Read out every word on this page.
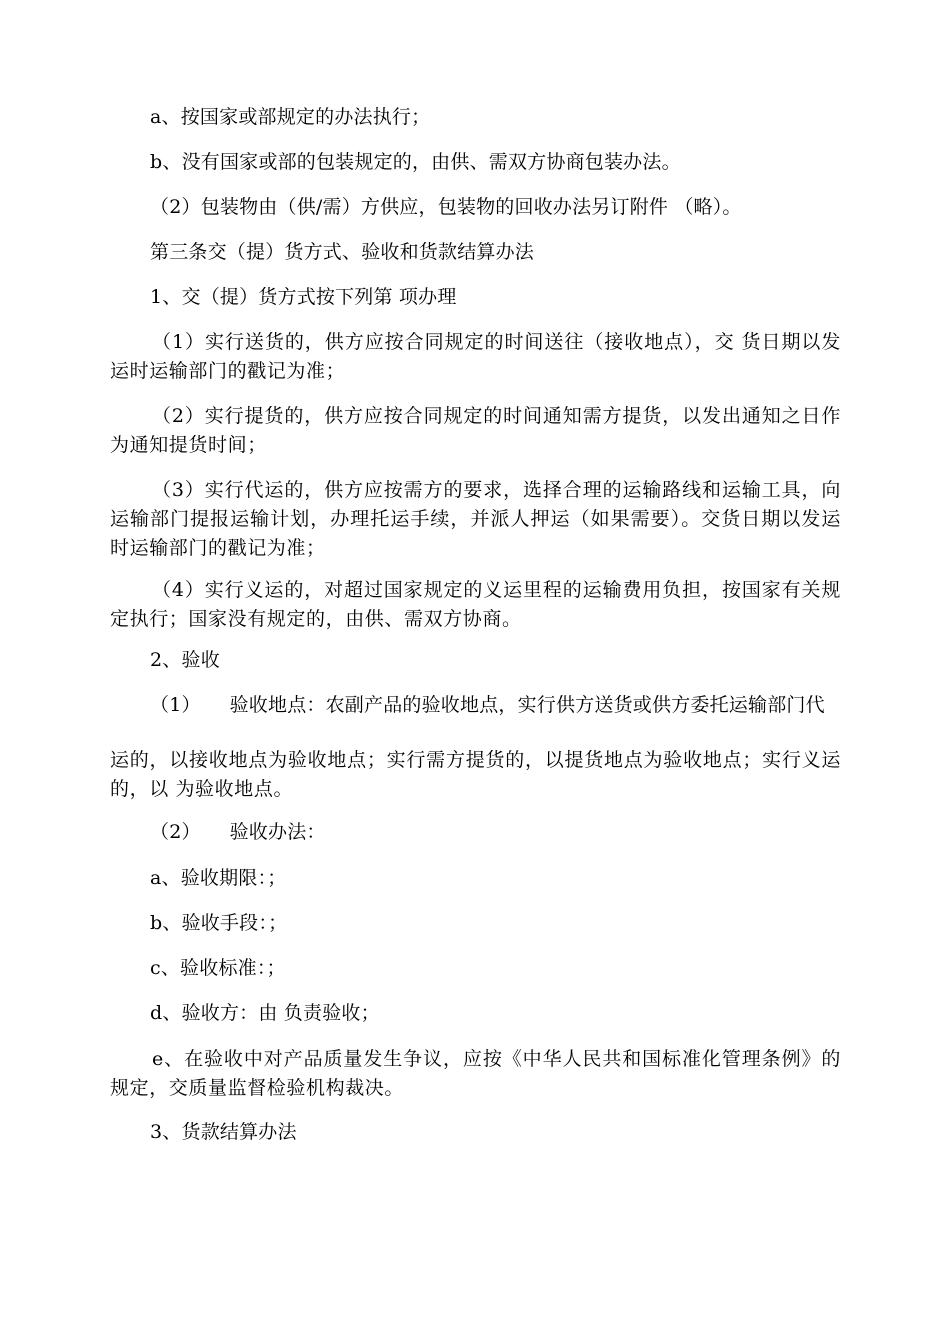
a、按国家或部规定的办法执行；
b、没有国家或部的包装规定的，由供、需双方协商包装办法。
（2）包装物由（供/需）方供应，包装物的回收办法另订附件 （略）。
第三条交（提）货方式、验收和货款结算办法
1、交（提）货方式按下列第 项办理
（1）实行送货的，供方应按合同规定的时间送往（接收地点），交 货日期以发运时运输部门的戳记为准；
（2）实行提货的，供方应按合同规定的时间通知需方提货，以发出通知之日作为通知提货时间；
（3）实行代运的，供方应按需方的要求，选择合理的运输路线和运输工具，向运输部门提报运输计划，办理托运手续，并派人押运（如果需要）。交货日期以发运时运输部门的戳记为准；
（4）实行义运的，对超过国家规定的义运里程的运输费用负担，按国家有关规定执行；国家没有规定的，由供、需双方协商。
2、验收
（1）　　验收地点：农副产品的验收地点，实行供方送货或供方委托运输部门代
运的，以接收地点为验收地点；实行需方提货的，以提货地点为验收地点；实行义运的，以 为验收地点。
（2）　　验收办法：
a、验收期限：；
b、验收手段：；
c、验收标准：；
d、验收方：由 负责验收；
e、在验收中对产品质量发生争议，应按《中华人民共和国标准化管理条例》的规定，交质量监督检验机构裁决。
3、货款结算办法
